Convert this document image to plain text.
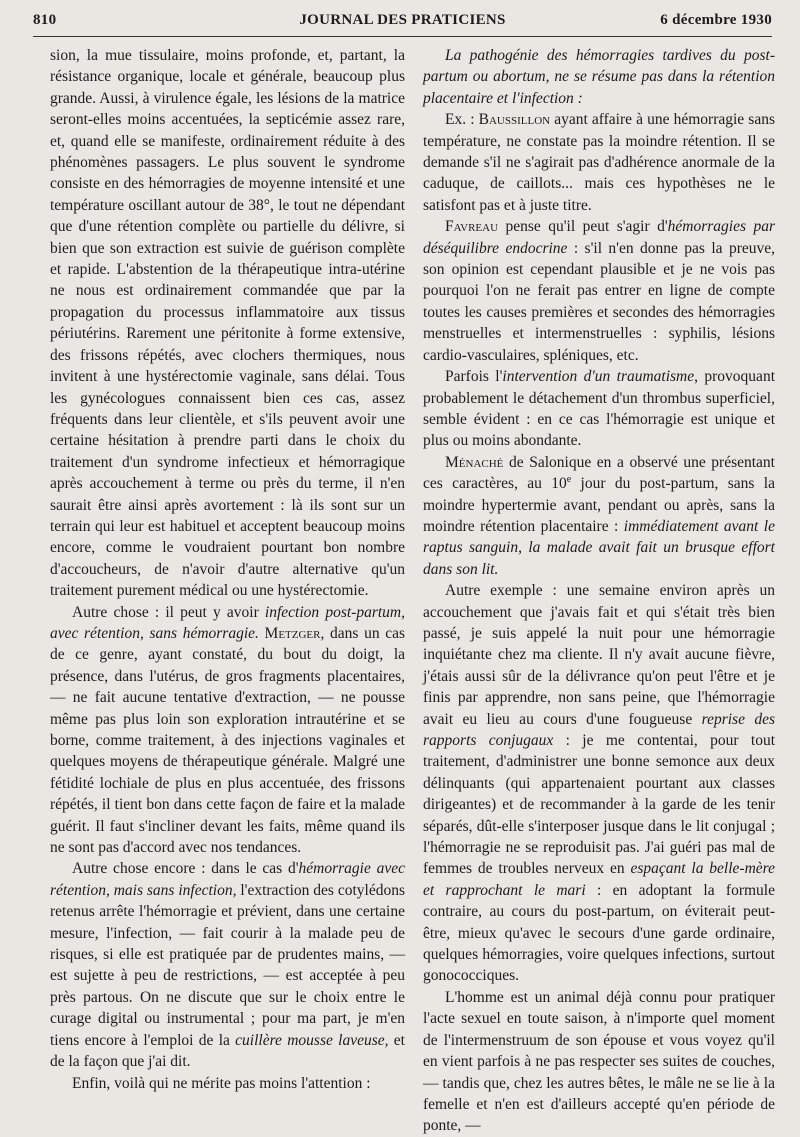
810	JOURNAL DES PRATICIENS	6 décembre 1930

sion, la mue tissulaire, moins profonde, et, partant, la résistance organique, locale et générale, beaucoup plus grande. Aussi, à virulence égale, les lésions de la matrice seront-elles moins accentuées, la septicémie assez rare, et, quand elle se manifeste, ordinairement réduite à des phénomènes passagers. Le plus souvent le syndrome consiste en des hémorragies de moyenne intensité et une température oscillant autour de 38°, le tout ne dépendant que d'une rétention complète ou partielle du délivre, si bien que son extraction est suivie de guérison complète et rapide. L'abstention de la thérapeutique intra-utérine ne nous est ordinairement commandée que par la propagation du processus inflammatoire aux tissus périutérins. Rarement une péritonite à forme extensive, des frissons répétés, avec clochers thermiques, nous invitent à une hystérectomie vaginale, sans délai. Tous les gynécologues connaissent bien ces cas, assez fréquents dans leur clientèle, et s'ils peuvent avoir une certaine hésitation à prendre parti dans le choix du traitement d'un syndrome infectieux et hémorragique après accouchement à terme ou près du terme, il n'en saurait être ainsi après avortement : là ils sont sur un terrain qui leur est habituel et acceptent beaucoup moins encore, comme le voudraient pourtant bon nombre d'accoucheurs, de n'avoir d'autre alternative qu'un traitement purement médical ou une hystérectomie.

Autre chose : il peut y avoir infection post-partum, avec rétention, sans hémorragie. Metzger, dans un cas de ce genre, ayant constaté, du bout du doigt, la présence, dans l'utérus, de gros fragments placentaires, — ne fait aucune tentative d'extraction, — ne pousse même pas plus loin son exploration intrautérine et se borne, comme traitement, à des injections vaginales et quelques moyens de thérapeutique générale. Malgré une fétidité lochiale de plus en plus accentuée, des frissons répétés, il tient bon dans cette façon de faire et la malade guérit. Il faut s'incliner devant les faits, même quand ils ne sont pas d'accord avec nos tendances.

Autre chose encore : dans le cas d'hémorragie avec rétention, mais sans infection, l'extraction des cotylédons retenus arrête l'hémorragie et prévient, dans une certaine mesure, l'infection, — fait courir à la malade peu de risques, si elle est pratiquée par de prudentes mains, — est sujette à peu de restrictions, — est acceptée à peu près partous. On ne discute que sur le choix entre le curage digital ou instrumental ; pour ma part, je m'en tiens encore à l'emploi de la cuillère mousse laveuse, et de la façon que j'ai dit.

Enfin, voilà qui ne mérite pas moins l'attention :

La pathogénie des hémorragies tardives du post-partum ou abortum, ne se résume pas dans la rétention placentaire et l'infection :

Ex. : Baussillon ayant affaire à une hémorragie sans température, ne constate pas la moindre rétention. Il se demande s'il ne s'agirait pas d'adhérence anormale de la caduque, de caillots... mais ces hypothèses ne le satisfont pas et à juste titre.

Favreau pense qu'il peut s'agir d'hémorragies par déséquilibre endocrine : s'il n'en donne pas la preuve, son opinion est cependant plausible et je ne vois pas pourquoi l'on ne ferait pas entrer en ligne de compte toutes les causes premières et secondes des hémorragies menstruelles et intermenstruelles : syphilis, lésions cardio-vasculaires, spléniques, etc.

Parfois l'intervention d'un traumatisme, provoquant probablement le détachement d'un thrombus superficiel, semble évident : en ce cas l'hémorragie est unique et plus ou moins abondante.

Ménaché de Salonique en a observé une présentant ces caractères, au 10e jour du post-partum, sans la moindre hypertermie avant, pendant ou après, sans la moindre rétention placentaire : immédiatement avant le raptus sanguin, la malade avait fait un brusque effort dans son lit.

Autre exemple : une semaine environ après un accouchement que j'avais fait et qui s'était très bien passé, je suis appelé la nuit pour une hémorragie inquiétante chez ma cliente. Il n'y avait aucune fièvre, j'étais aussi sûr de la délivrance qu'on peut l'être et je finis par apprendre, non sans peine, que l'hémorragie avait eu lieu au cours d'une fougueuse reprise des rapports conjugaux : je me contentai, pour tout traitement, d'administrer une bonne semonce aux deux délinquants (qui appartenaient pourtant aux classes dirigeantes) et de recommander à la garde de les tenir séparés, dût-elle s'interposer jusque dans le lit conjugal ; l'hémorragie ne se reproduisit pas. J'ai guéri pas mal de femmes de troubles nerveux en espaçant la belle-mère et rapprochant le mari : en adoptant la formule contraire, au cours du post-partum, on éviterait peut-être, mieux qu'avec le secours d'une garde ordinaire, quelques hémorragies, voire quelques infections, surtout gonococciques.

L'homme est un animal déjà connu pour pratiquer l'acte sexuel en toute saison, à n'importe quel moment de l'intermenstruum de son épouse et vous voyez qu'il en vient parfois à ne pas respecter ses suites de couches, — tandis que, chez les autres bêtes, le mâle ne se lie à la femelle et n'en est d'ailleurs accepté qu'en période de ponte, —
